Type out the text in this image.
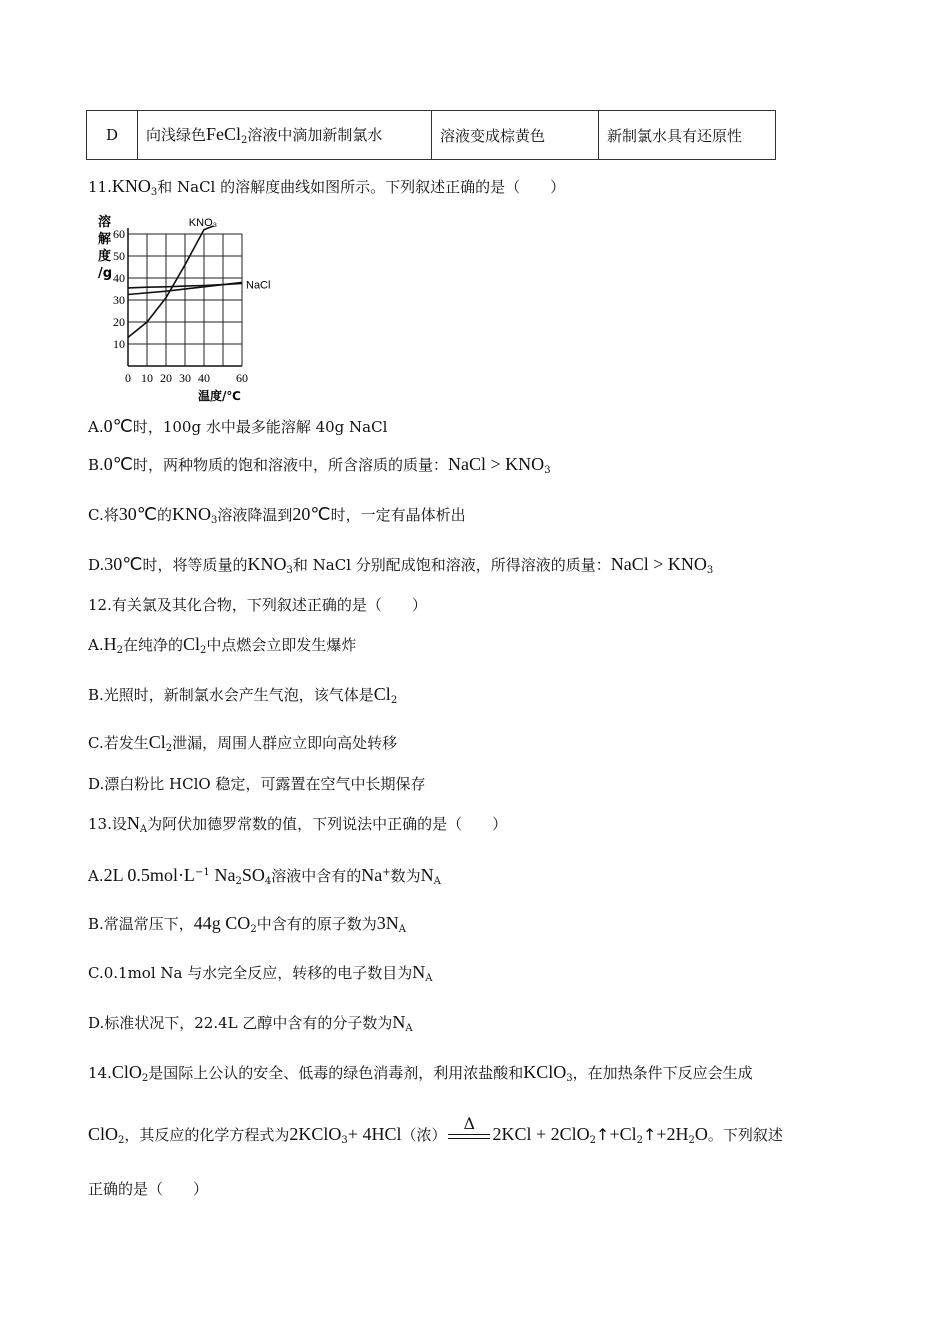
D	向浅绿色FeCl$_2$溶液中滴加新制氯水	溶液变成棕黄色	新制氯水具有还原性
$11.KNO_3$和 NaCl 的溶解度曲线如图所示。下列叙述正确的是（　　）
10
20
30
40
50
60
0 10 20 30 40 60
溶
解
度
/g
温度/℃
KNO₃
NaCl
A.0℃时，100g 水中最多能溶解 40g NaCl
B.0℃时，两种物质的饱和溶液中，所含溶质的质量：NaCl > $KNO_3$
C.将30℃的$KNO_3$溶液降温到20℃时，一定有晶体析出
D.30℃时，将等质量的$KNO_3$和 NaCl 分别配成饱和溶液，所得溶液的质量：NaCl > $KNO_3$
12.有关氯及其化合物，下列叙述正确的是（　　）
$A.H_2$在纯净的$Cl_2$中点燃会立即发生爆炸
B.光照时，新制氯水会产生气泡，该气体是$Cl_2$
C.若发生$Cl_2$泄漏，周围人群应立即向高处转移
D.漂白粉比 HClO 稳定，可露置在空气中长期保存
13.设$N_A$为阿伏加德罗常数的值，下列说法中正确的是（　　）
A.2L $0.5mol\cdot L^{-1}$ $Na_2SO_4$溶液中含有的Na+数为$N_A$
B.常温常压下，44g $CO_2$中含有的原子数为$3N_A$
C.0.1mol Na 与水完全反应，转移的电子数目为$N_A$
D.标准状况下，22.4L 乙醇中含有的分子数为$N_A$
14.ClO$_2$是国际上公认的安全、低毒的绿色消毒剂，利用浓盐酸和KClO$_3$，在加热条件下反应会生成
ClO$_2$，其反应的化学方程式为2KClO$_3$+ 4HCl（浓）
Δ
$2KCl + 2ClO_2↑+Cl_2↑+2H_2O$。下列叙述
正确的是（　　）
